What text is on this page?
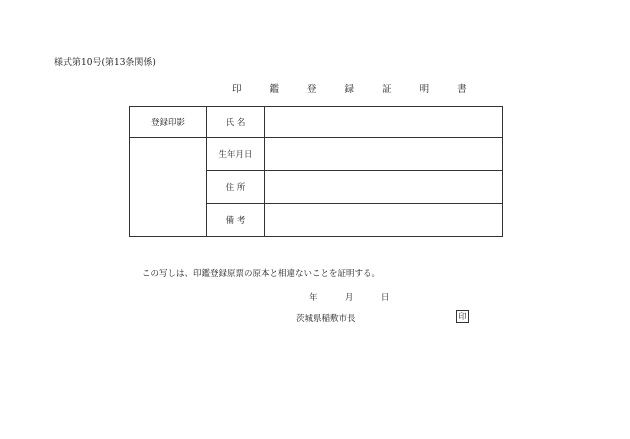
様式第10号(第13条関係)
印 鑑 登 録 証 明 書
登録印影	氏 名	
	生年月日	
	住 所	
	備 考	
この写しは、印鑑登録原票の原本と相違ないことを証明する。
年	月	日
茨城県稲敷市長	印
